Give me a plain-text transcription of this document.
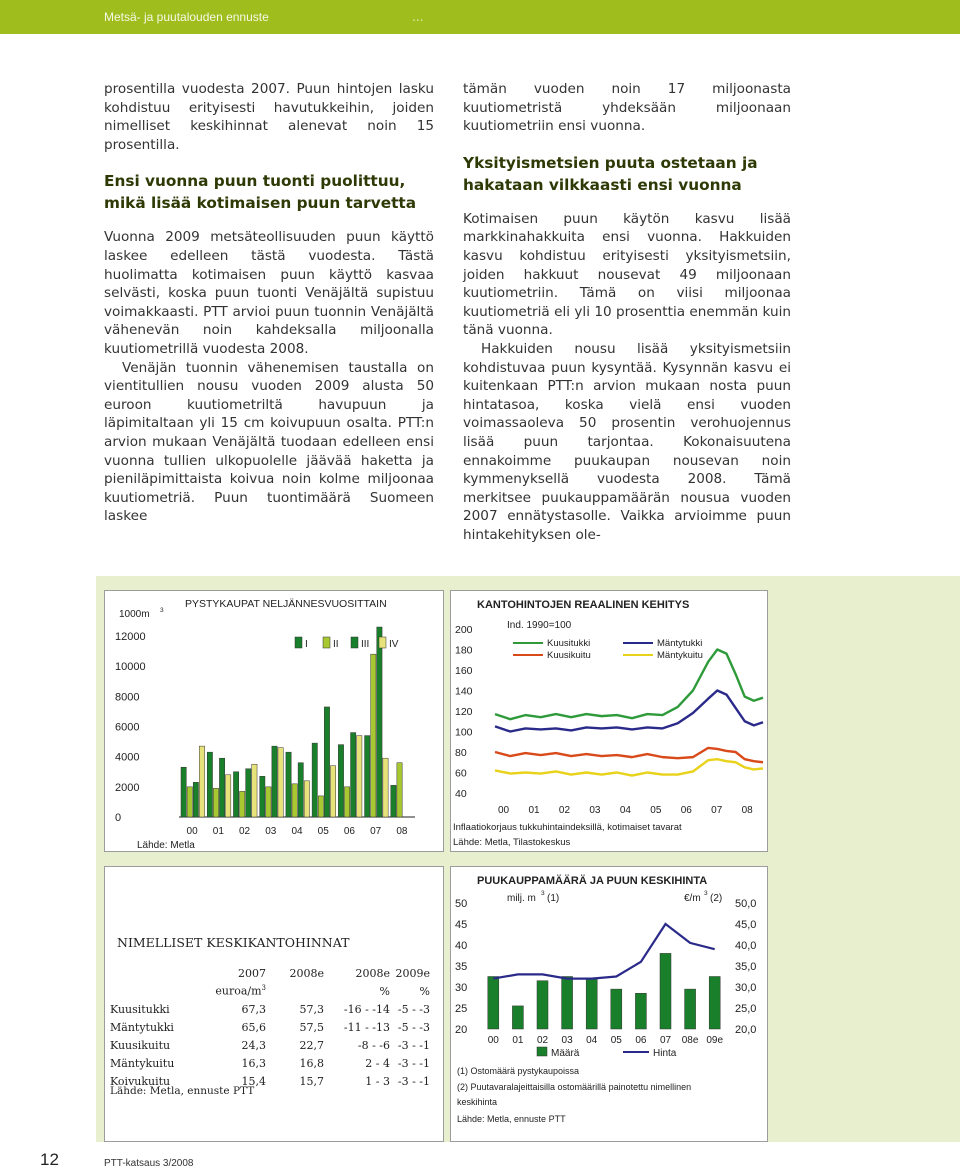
Metsä- ja puutalouden ennuste	...

prosentilla vuodesta 2007. Puun hintojen lasku kohdistuu erityisesti havutukkeihin, joiden nimelliset keskihinnat alenevat noin 15 prosentilla.

Ensi vuonna puun tuonti puolittuu, mikä lisää kotimaisen puun tarvetta

Vuonna 2009 metsäteollisuuden puun käyttö laskee edelleen tästä vuodesta. Tästä huolimatta kotimaisen puun käyttö kasvaa selvästi, koska puun tuonti Venäjältä supistuu voimakkaasti. PTT arvioi puun tuonnin Venäjältä vähenevän noin kahdeksalla miljoonalla kuutiometrillä vuodesta 2008.

Venäjän tuonnin vähenemisen taustalla on vientitullien nousu vuoden 2009 alusta 50 euroon kuutiometriltä havupuun ja läpimitaltaan yli 15 cm koivupuun osalta. PTT:n arvion mukaan Venäjältä tuodaan edelleen ensi vuonna tullien ulkopuolelle jäävää haketta ja pieniläpimittaista koivua noin kolme miljoonaa kuutiometriä. Puun tuontimäärä Suomeen laskee

tämän vuoden noin 17 miljoonasta kuutiometristä yhdeksään miljoonaan kuutiometriin ensi vuonna.

Yksityismetsien puuta ostetaan ja hakataan vilkkaasti ensi vuonna

Kotimaisen puun käytön kasvu lisää markkinahakkuita ensi vuonna. Hakkuiden kasvu kohdistuu erityisesti yksityismetsiin, joiden hakkuut nousevat 49 miljoonaan kuutiometriin. Tämä on viisi miljoonaa kuutiometriä eli yli 10 prosenttia enemmän kuin tänä vuonna.

Hakkuiden nousu lisää yksityismetsiin kohdistuvaa puun kysyntää. Kysynnän kasvu ei kuitenkaan PTT:n arvion mukaan nosta puun hintatasoa, koska vielä ensi vuoden voimassaoleva 50 prosentin verohuojennus lisää puun tarjontaa. Kokonaisuutena ennakoimme puukaupan nousevan noin kymmenyksellä vuodesta 2008. Tämä merkitsee puukauppamäärän nousua vuoden 2007 ennätystasolle. Vaikka arvioimme puun hintakehityksen ole-

PYSTYKAUPAT NELJÄNNESVUOSITTAIN
1000m 3
12000
10000
8000
6000
4000
2000
0
00 01 02 03 04 05 06 07 08
I	II III IV
Lähde: Metla
KANTOHINTOJEN REAALINEN KEHITYS
Ind. 1990=100
200
180
160
140
120
100
80
60
40
00 01 02 03 04 05 06 07 08
Kuusitukki	Mäntytukki
Kuusikuitu	Mäntykuitu
Inflaatiokorjaus tukkuhintaindeksillä, kotimaiset tavarat
Lähde: Metla, Tilastokeskus
NIMELLISET KESKIKANTOHINNAT
	2007	2008e	2008e	2009e
	euroa/$m^3$		%	%
Kuusitukki	67,3	57,3	-16 - -14	-5 - -3
Mäntytukki	65,6	57,5	-11 - -13	-5 - -3
Kuusikuitu	24,3	22,7	-8 - -6	-3 - -1
Mäntykuitu	16,3	16,8	2 - 4	-3 - -1
Koivukuitu	15,4	15,7	1 - 3	-3 - -1
Lähde: Metla, ennuste PTT
PUUKAUPPAMÄÄRÄ JA PUUN KESKIHINTA
milj. m 3 (1)	€/m 3 (2)
50
45
40
35
30
25
20
50,0
45,0
40,0
35,0
30,0
25,0
20,0
00 01 02 03 04 05 06 07 08e 09e
Määrä	Hinta
(1) Ostomäärä pystykaupoissa
(2) Puutavaralajeittaisilla ostomäärillä painotettu nimellinen keskihinta
Lähde: Metla, ennuste PTT
12	PTT-katsaus 3/2008
